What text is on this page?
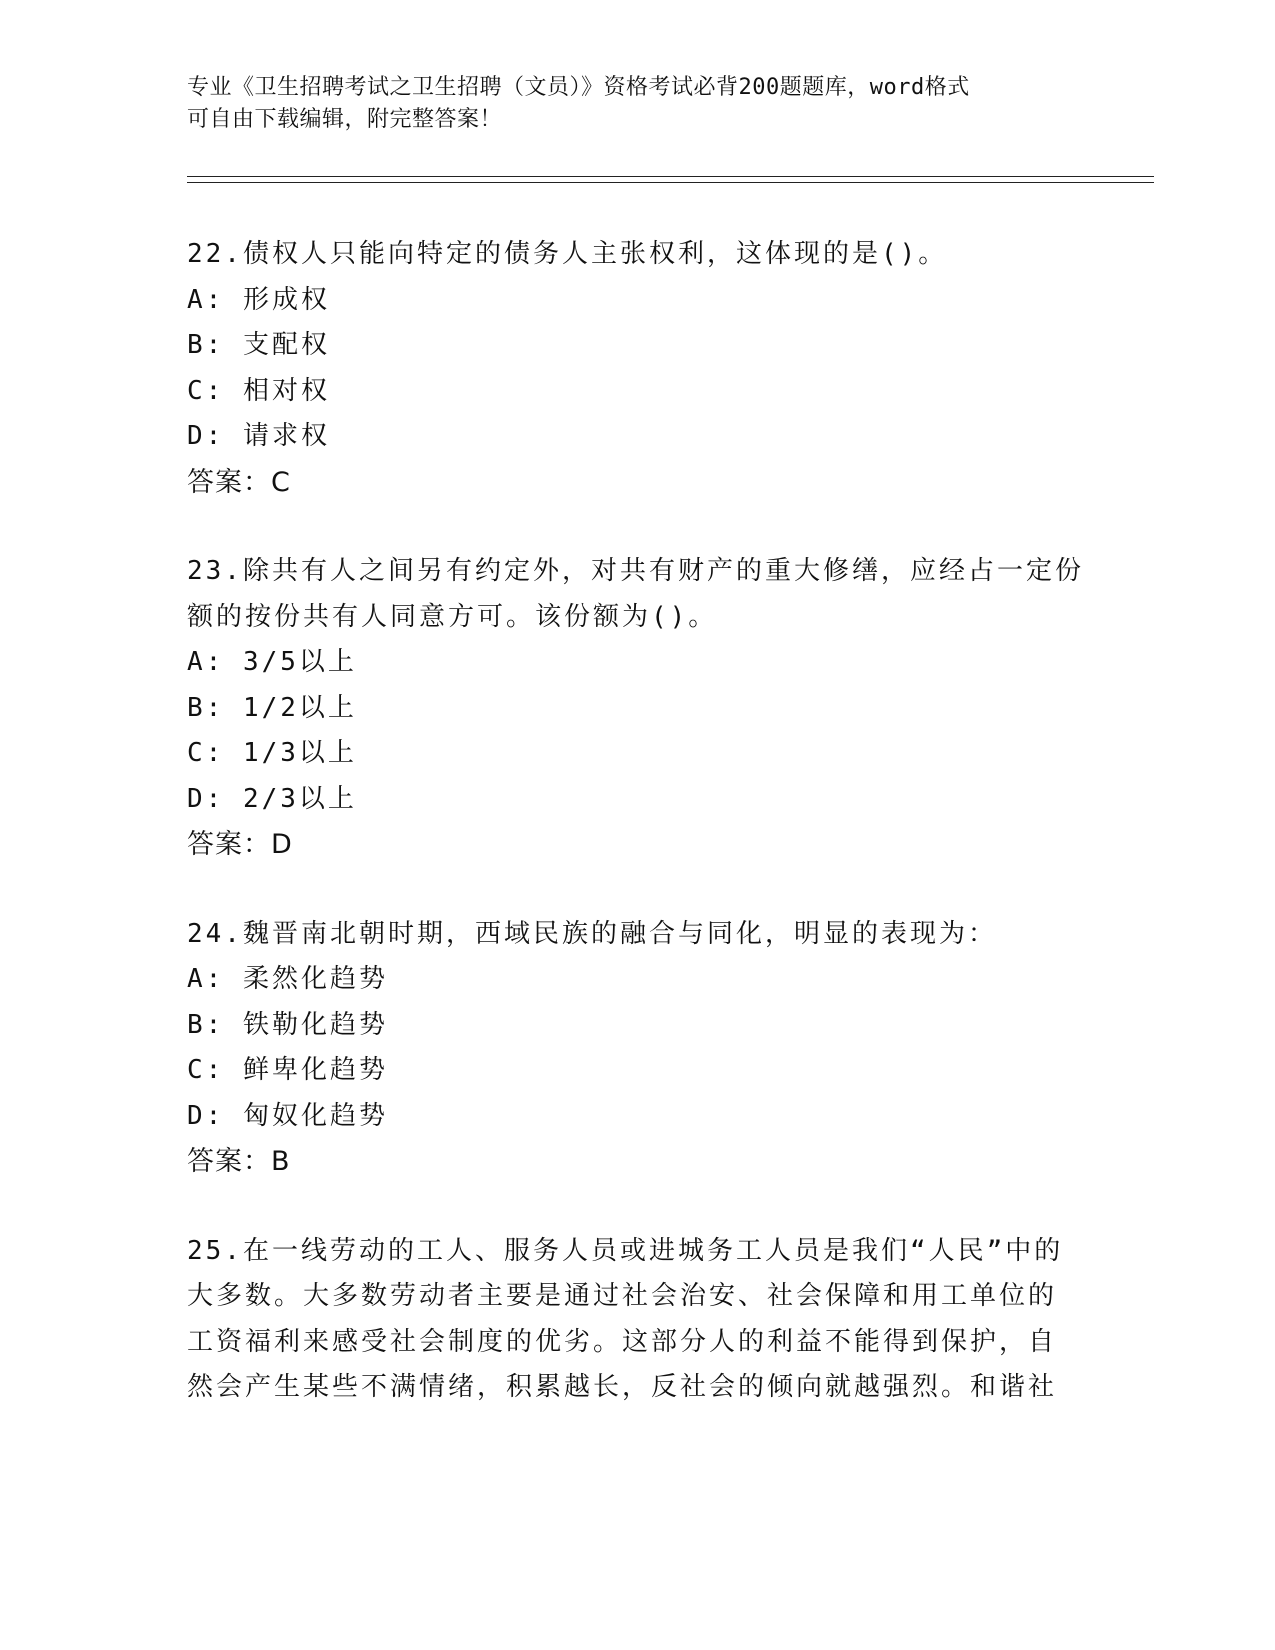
专业《卫生招聘考试之卫生招聘（文员）》资格考试必背200题题库，word格式
可自由下载编辑，附完整答案！
22.债权人只能向特定的债务人主张权利，这体现的是()。
A: 形成权
B: 支配权
C: 相对权
D: 请求权
答案：C
23.除共有人之间另有约定外，对共有财产的重大修缮，应经占一定份
额的按份共有人同意方可。该份额为()。
A: 3/5以上
B: 1/2以上
C: 1/3以上
D: 2/3以上
答案：D
24.魏晋南北朝时期，西域民族的融合与同化，明显的表现为：
A: 柔然化趋势
B: 铁勒化趋势
C: 鲜卑化趋势
D: 匈奴化趋势
答案：B
25.在一线劳动的工人、服务人员或进城务工人员是我们“人民”中的
大多数。大多数劳动者主要是通过社会治安、社会保障和用工单位的
工资福利来感受社会制度的优劣。这部分人的利益不能得到保护，自
然会产生某些不满情绪，积累越长，反社会的倾向就越强烈。和谐社
